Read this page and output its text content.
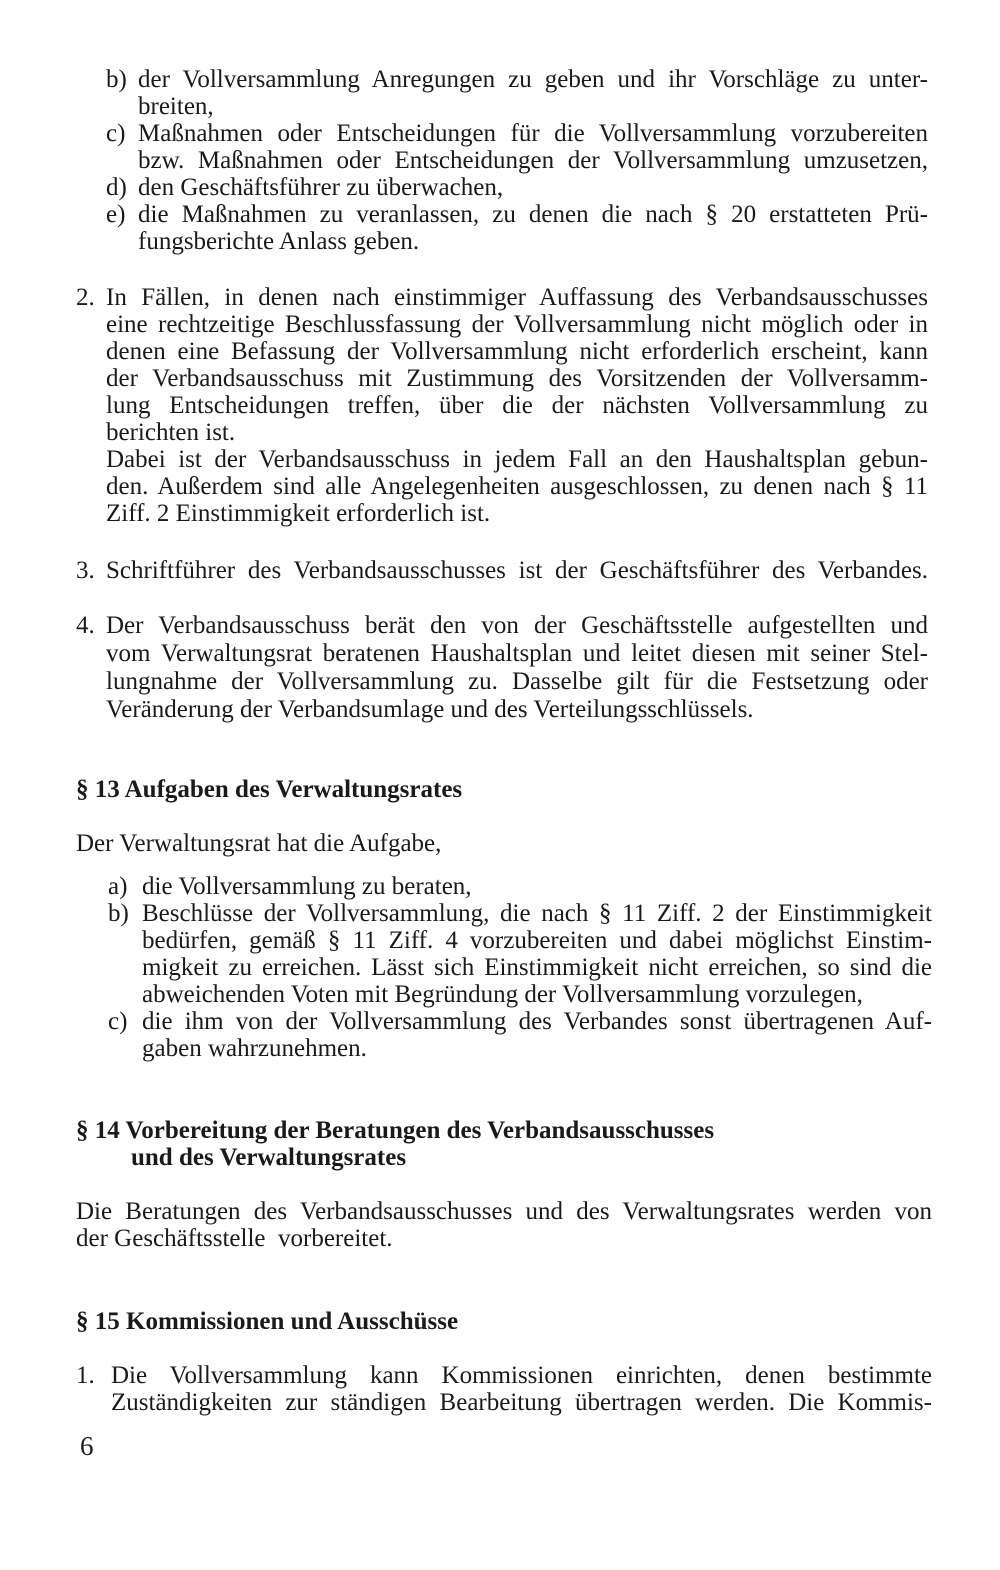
b) der Vollversammlung Anregungen zu geben und ihr Vorschläge zu unter-
breiten,
c) Maßnahmen oder Entscheidungen für die Vollversammlung vorzubereiten
bzw. Maßnahmen oder Entscheidungen der Vollversammlung umzusetzen,
d) den Geschäftsführer zu überwachen,
e) die Maßnahmen zu veranlassen, zu denen die nach § 20 erstatteten Prü-
fungsberichte Anlass geben.
2. In Fällen, in denen nach einstimmiger Auffassung des Verbandsausschusses
eine rechtzeitige Beschlussfassung der Vollversammlung nicht möglich oder in
denen eine Befassung der Vollversammlung nicht erforderlich erscheint, kann
der Verbandsausschuss mit Zustimmung des Vorsitzenden der Vollversamm-
lung Entscheidungen treffen, über die der nächsten Vollversammlung zu
berichten ist.
Dabei ist der Verbandsausschuss in jedem Fall an den Haushaltsplan gebun-
den. Außerdem sind alle Angelegenheiten ausgeschlossen, zu denen nach § 11
Ziff. 2 Einstimmigkeit erforderlich ist.
3. Schriftführer des Verbandsausschusses ist der Geschäftsführer des Verbandes.
4. Der Verbandsausschuss berät den von der Geschäftsstelle aufgestellten und
vom Verwaltungsrat beratenen Haushaltsplan und leitet diesen mit seiner Stel-
lungnahme der Vollversammlung zu. Dasselbe gilt für die Festsetzung oder
Veränderung der Verbandsumlage und des Verteilungsschlüssels.
§ 13 Aufgaben des Verwaltungsrates
Der Verwaltungsrat hat die Aufgabe,
a) die Vollversammlung zu beraten,
b) Beschlüsse der Vollversammlung, die nach § 11 Ziff. 2 der Einstimmigkeit
bedürfen, gemäß § 11 Ziff. 4 vorzubereiten und dabei möglichst Einstim-
migkeit zu erreichen. Lässt sich Einstimmigkeit nicht erreichen, so sind die
abweichenden Voten mit Begründung der Vollversammlung vorzulegen,
c) die ihm von der Vollversammlung des Verbandes sonst übertragenen Auf-
gaben wahrzunehmen.
§ 14 Vorbereitung der Beratungen des Verbandsausschusses
und des Verwaltungsrates
Die Beratungen des Verbandsausschusses und des Verwaltungsrates werden von
der Geschäftsstelle  vorbereitet.
§ 15 Kommissionen und Ausschüsse
1. Die Vollversammlung kann Kommissionen einrichten, denen bestimmte
Zuständigkeiten zur ständigen Bearbeitung übertragen werden. Die Kommis-
6
